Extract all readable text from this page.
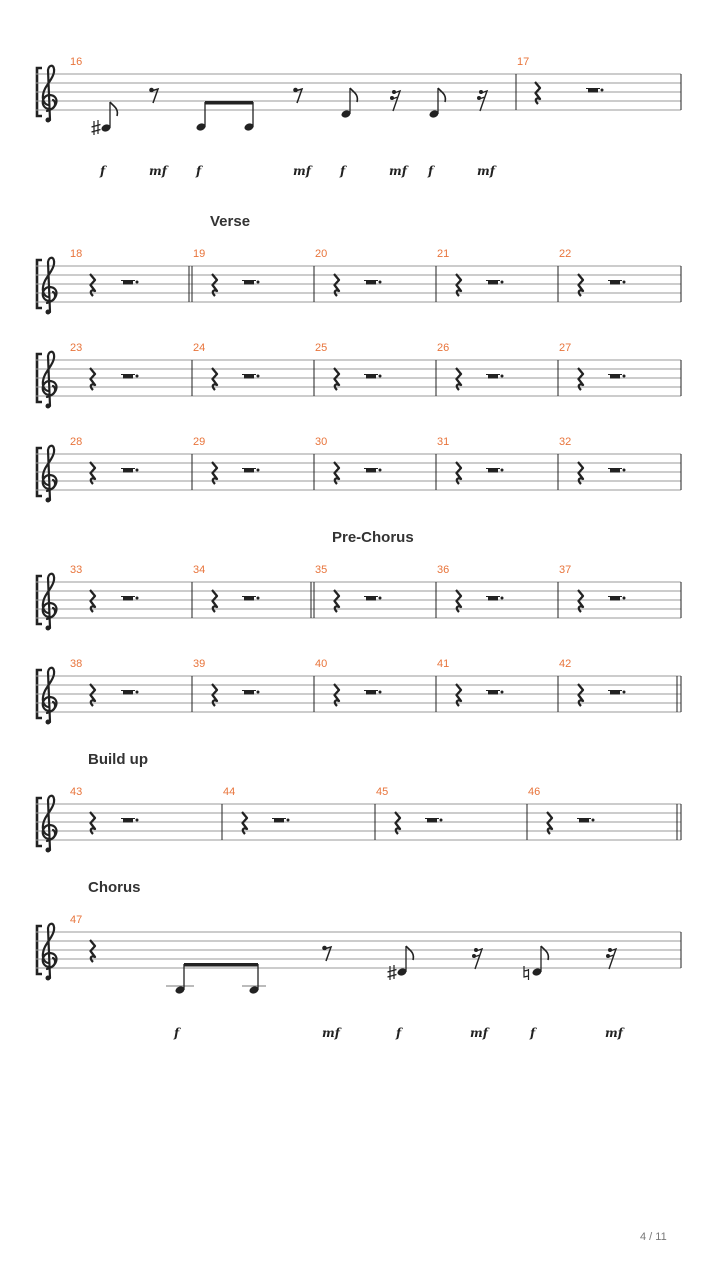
Verse
Pre-Chorus
Build up
Chorus
16	17
f	mf f	mf f	mf f	mf
18	19	20	21	22
23	24	25	26	27
28	29	30	31	32
33	34	35	36	37
38	39	40	41	42
43	44	45	46
47
f	mf	f	mf	f	mf
4 / 11
